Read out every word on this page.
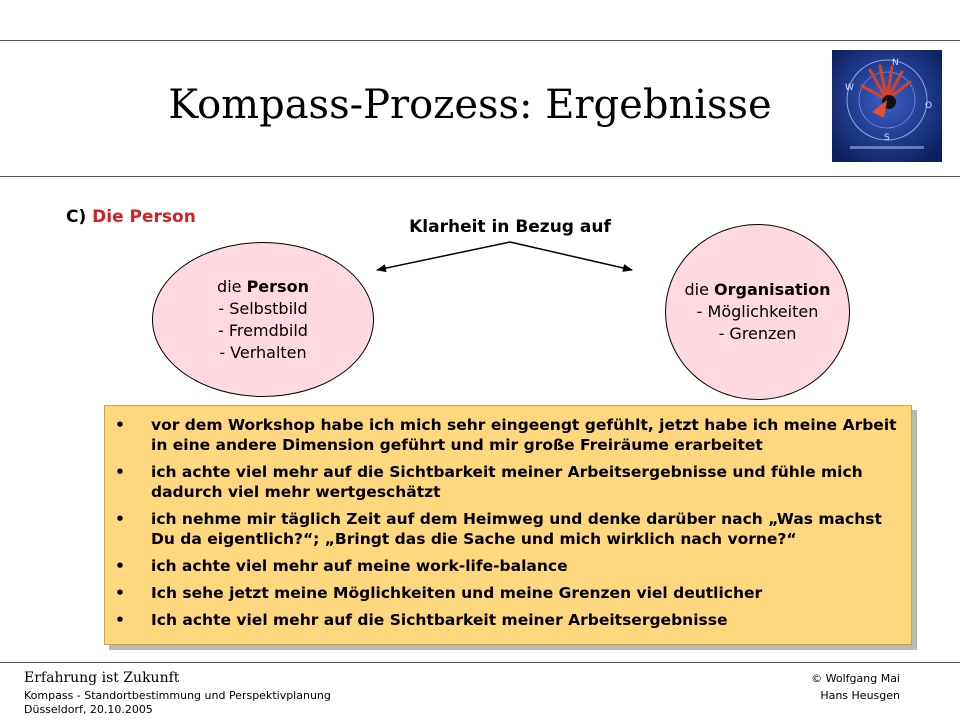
Kompass-Prozess: Ergebnisse
N
W
O
S
C) Die Person	Klarheit in Bezug auf
die Person
- Selbstbild
- Fremdbild
- Verhalten
die Organisation
- Möglichkeiten
- Grenzen
• vor dem Workshop habe ich mich sehr eingeengt gefühlt, jetzt habe ich meine Arbeit in eine andere Dimension geführt und mir große Freiräume erarbeitet
• ich achte viel mehr auf die Sichtbarkeit meiner Arbeitsergebnisse und fühle mich dadurch viel mehr wertgeschätzt
• ich nehme mir täglich Zeit auf dem Heimweg und denke darüber nach „Was machst Du da eigentlich?“; „Bringt das die Sache und mich wirklich nach vorne?“
• ich achte viel mehr auf meine work-life-balance
• Ich sehe jetzt meine Möglichkeiten und meine Grenzen viel deutlicher
• Ich achte viel mehr auf die Sichtbarkeit meiner Arbeitsergebnisse
Erfahrung ist Zukunft
Kompass - Standortbestimmung und Perspektivplanung
Düsseldorf, 20.10.2005
© Wolfgang Mai
Hans Heusgen
